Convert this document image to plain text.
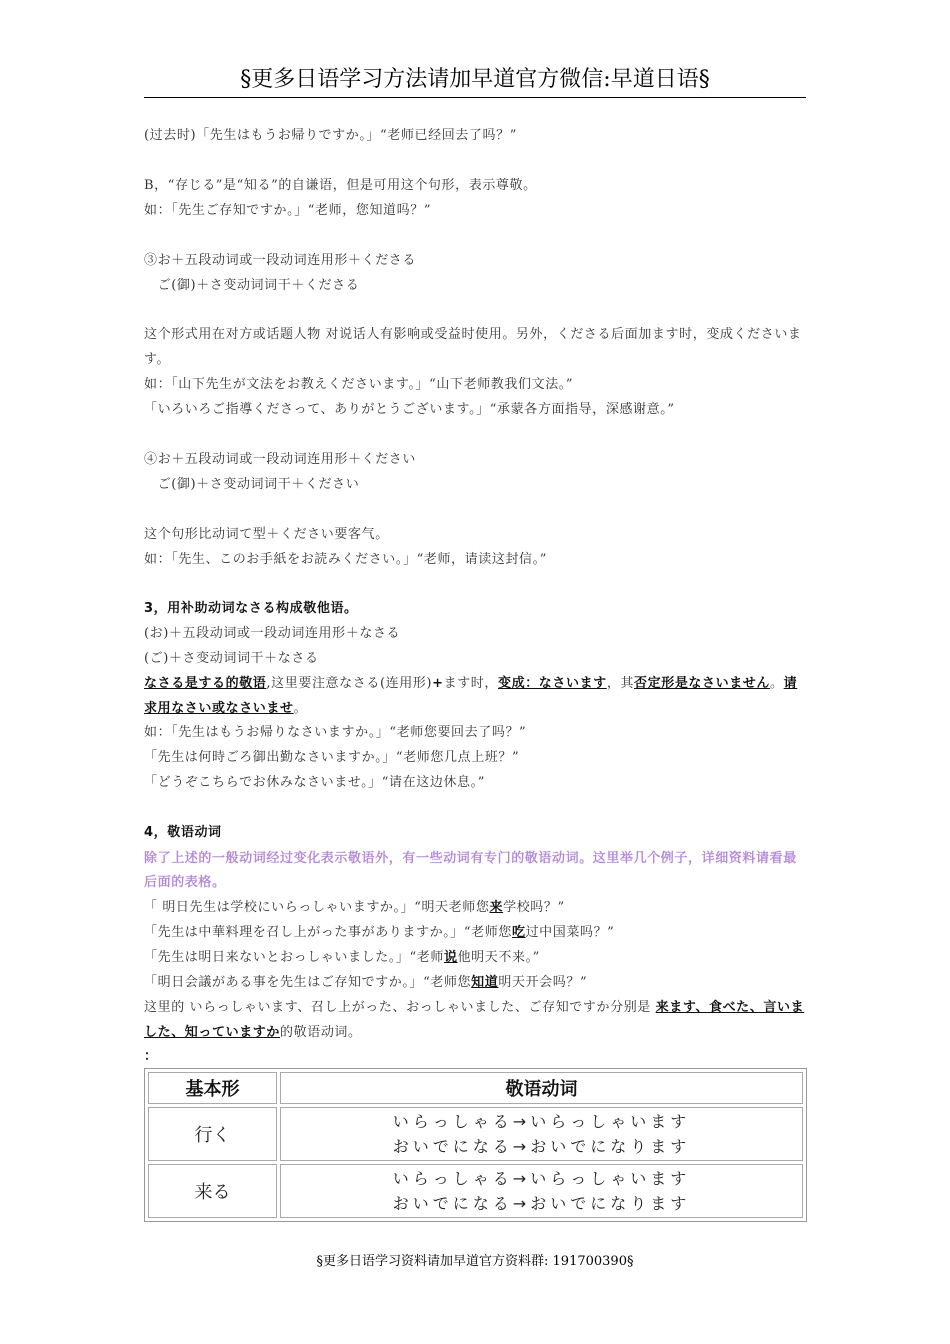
§更多日语学习方法请加早道官方微信:早道日语§
(过去时)「先生はもうお帰りですか。」“老师已经回去了吗？”
B，“存じる”是“知る”的自谦语，但是可用这个句形，表示尊敬。
如：「先生ご存知ですか。」“老师，您知道吗？”
③お＋五段动词或一段动词连用形＋くださる
　ご(御)＋さ变动词词干＋くださる
这个形式用在对方或话题人物 对说话人有影响或受益时使用。另外，くださる后面加ます时，变成くださいます。
如：「山下先生が文法をお教えくださいます。」“山下老师教我们文法。”
「いろいろご指導くださって、ありがとうございます。」“承蒙各方面指导，深感谢意。”
④お＋五段动词或一段动词连用形＋ください
　ご(御)＋さ变动词词干＋ください
这个句形比动词て型＋ください要客气。
如：「先生、このお手紙をお読みください。」“老师，请读这封信。”
3，用补助动词なさる构成敬他语。
(お)＋五段动词或一段动词连用形＋なさる
(ご)＋さ变动词词干＋なさる
なさる是する的敬语,这里要注意なさる(连用形)+ます时，变成：なさいます，其否定形是なさいません。请求用なさい或なさいませ。
如：「先生はもうお帰りなさいますか。」“老师您要回去了吗？”
「先生は何時ごろ御出勤なさいますか。」“老师您几点上班？”
「どうぞこちらでお休みなさいませ。」“请在这边休息。”
4，敬语动词
除了上述的一般动词经过变化表示敬语外，有一些动词有专门的敬语动词。这里举几个例子，详细资料请看最后面的表格。
「 明日先生は学校にいらっしゃいますか。」“明天老师您来学校吗？”
「先生は中華料理を召し上がった事がありますか。」“老师您吃过中国菜吗？”
「先生は明日来ないとおっしゃいました。」“老师说他明天不来。”
「明日会議がある事を先生はご存知ですか。」“老师您知道明天开会吗？”
这里的 いらっしゃいます、召し上がった、おっしゃいました、ご存知ですか分别是 来ます、食べた、言いました、知っていますか的敬语动词。
：
基本形	敬语动词
行く	いらっしゃる→いらっしゃいます
おいでになる→おいでになります

来る	いらっしゃる→いらっしゃいます
おいでになる→おいでになります
§更多日语学习资料请加早道官方资料群: 191700390§
